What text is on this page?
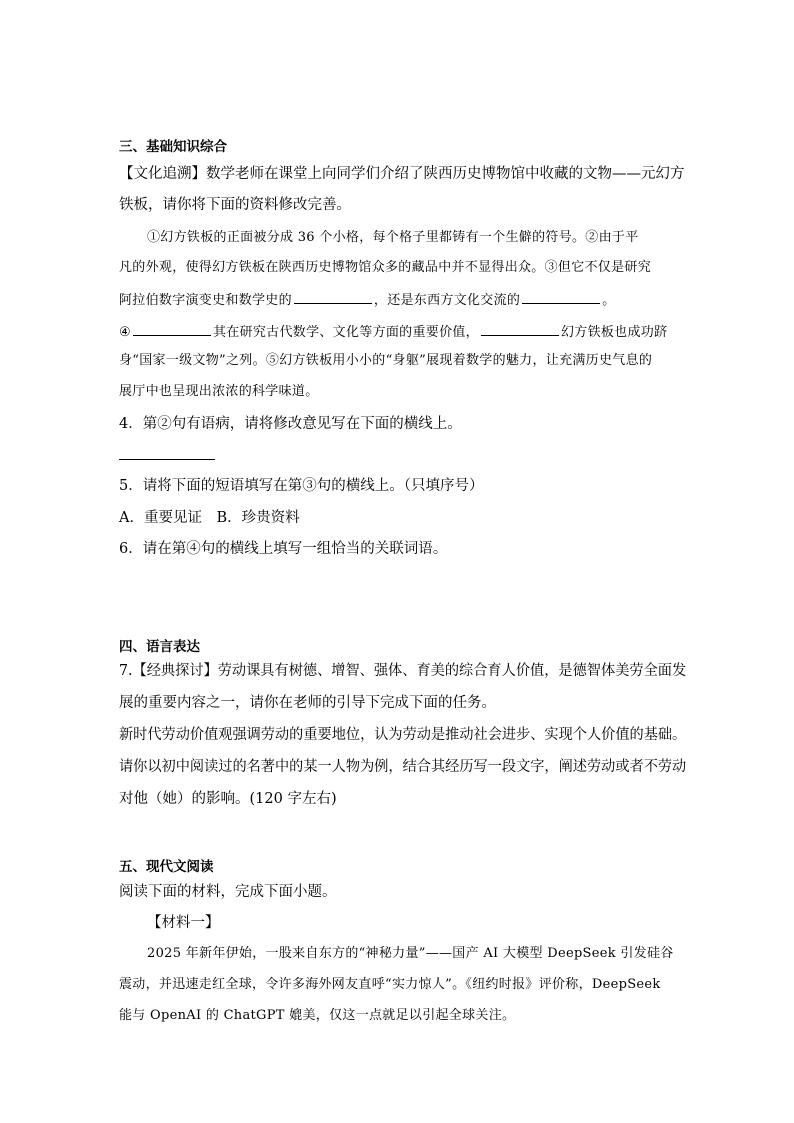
三、基础知识综合
【文化追溯】数学老师在课堂上向同学们介绍了陕西历史博物馆中收藏的文物——元幻方
铁板，请你将下面的资料修改完善。
①幻方铁板的正面被分成 36 个小格，每个格子里都铸有一个生僻的符号。②由于平
凡的外观，使得幻方铁板在陕西历史博物馆众多的藏品中并不显得出众。③但它不仅是研究
阿拉伯数字演变史和数学史的	，还是东西方文化交流的	。
④	其在研究古代数学、文化等方面的重要价值，	幻方铁板也成功跻
身“国家一级文物”之列。⑤幻方铁板用小小的“身躯”展现着数学的魅力，让充满历史气息的
展厅中也呈现出浓浓的科学味道。
4．第②句有语病，请将修改意见写在下面的横线上。
5．请将下面的短语填写在第③句的横线上。（只填序号）
A．重要见证　B．珍贵资料
6．请在第④句的横线上填写一组恰当的关联词语。
四、语言表达
7.【经典探讨】劳动课具有树德、增智、强体、育美的综合育人价值，是德智体美劳全面发
展的重要内容之一，请你在老师的引导下完成下面的任务。
新时代劳动价值观强调劳动的重要地位，认为劳动是推动社会进步、实现个人价值的基础。
请你以初中阅读过的名著中的某一人物为例，结合其经历写一段文字，阐述劳动或者不劳动
对他（她）的影响。(120 字左右)
五、现代文阅读
阅读下面的材料，完成下面小题。
【材料一】
2025 年新年伊始，一股来自东方的“神秘力量”——国产 AI 大模型 DeepSeek 引发硅谷
震动，并迅速走红全球，令许多海外网友直呼“实力惊人”。《纽约时报》评价称，DeepSeek
能与 OpenAI 的 ChatGPT 媲美，仅这一点就足以引起全球关注。
